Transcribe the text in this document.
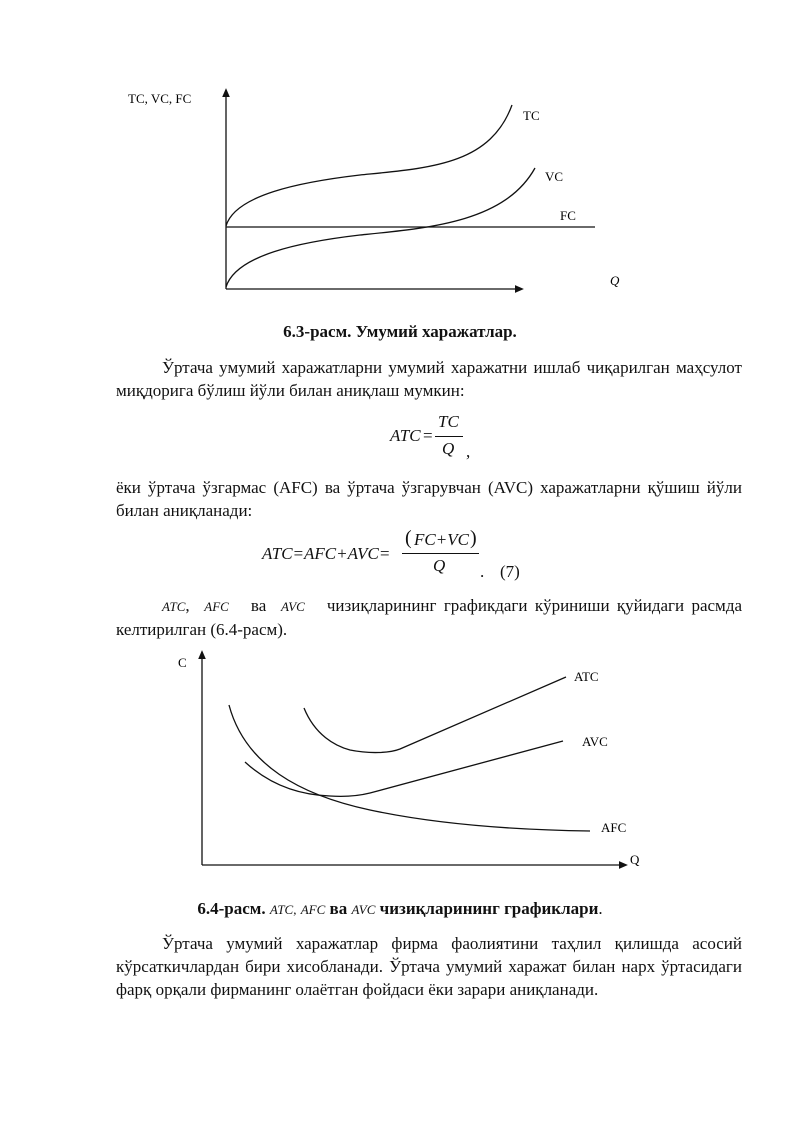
TC, VC, FC
TC
VC
FC
Q
6.3-расм. Умумий харажатлар.
Ўртача умумий харажатларни умумий харажатни ишлаб чиқарилган маҳсулот миқдорига бўлиш йўли билан аниқлаш мумкин:
ATC =
TC
Q ,
ёки ўртача ўзгармас (AFC) ва ўртача ўзгарувчан (AVC) харажатларни қўшиш йўли билан аниқланади:
ATC=AFC+AVC=
FC+VC
(	)
Q . (7)
ATC, AFC ва AVC чизиқларининг графикдаги кўриниши қуйидаги расмда келтирилган (6.4-расм).
C
ATC
AVC
AFC
Q
6.4-расм. ATC, AFC ва AVC чизиқларининг графиклари.
Ўртача умумий харажатлар фирма фаолиятини таҳлил қилишда асосий кўрсаткичлардан бири хисобланади. Ўртача умумий харажат билан нарх ўртасидаги фарқ орқали фирманинг олаётган фойдаси ёки зарари аниқланади.
